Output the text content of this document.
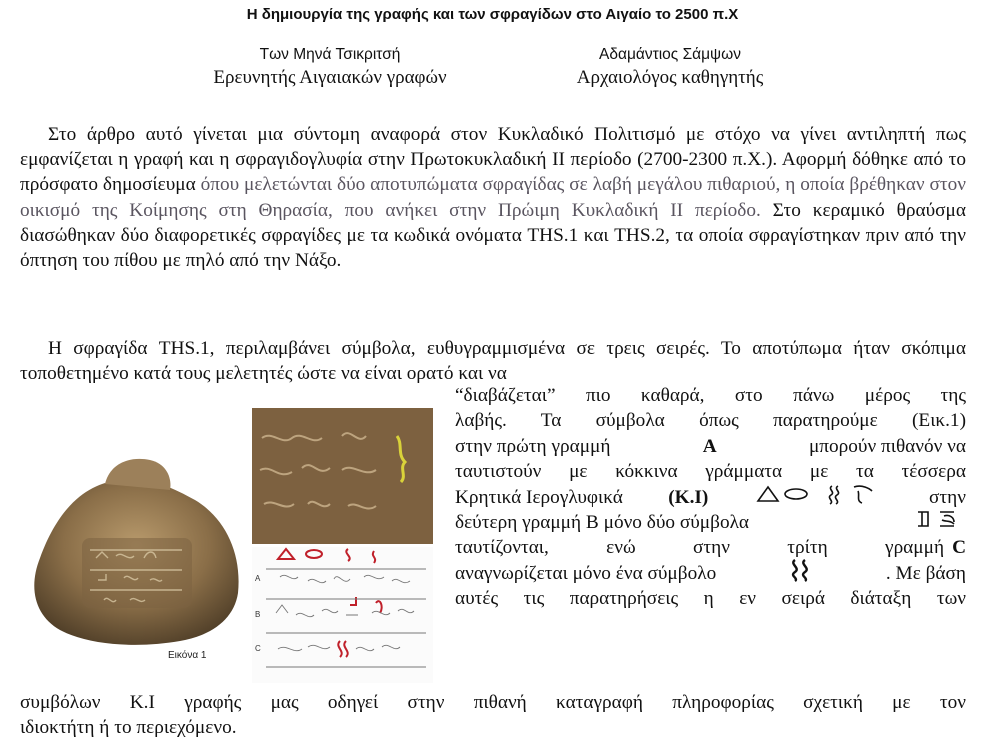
Η δημιουργία της γραφής και των σφραγίδων στο Αιγαίο το 2500 π.Χ
Των Μηνά Τσικριτσή
Ερευνητής Αιγαιακών γραφών
Αδαμάντιος Σάμψων
Αρχαιολόγος καθηγητής

Στο άρθρο αυτό γίνεται μια σύντομη αναφορά στον Κυκλαδικό Πολιτισμό με στόχο να γίνει αντιληπτή πως εμφανίζεται η γραφή και η σφραγιδογλυφία στην Πρωτοκυκλαδική ΙΙ περίοδο (2700-2300 π.Χ.). Αφορμή δόθηκε από το πρόσφατο δημοσίευμα όπου μελετώνται δύο αποτυπώματα σφραγίδας σε λαβή μεγάλου πιθαριού, η οποία βρέθηκαν στον οικισμό της Κοίμησης στη Θηρασία, που ανήκει στην Πρώιμη Κυκλαδική ΙΙ περίοδο. Στο κεραμικό θραύσμα διασώθηκαν δύο διαφορετικές σφραγίδες με τα κωδικά ονόματα THS.1 και THS.2, τα οποία σφραγίστηκαν πριν από την όπτηση του πίθου με πηλό από την Νάξο.

Η σφραγίδα THS.1, περιλαμβάνει σύμβολα, ευθυγραμμισμένα σε τρεις σειρές. Το αποτύπωμα ήταν σκόπιμα τοποθετημένο κατά τους μελετητές ώστε να είναι ορατό και να

Εικόνα 1
A
B
C
“διαβάζεται” πιο καθαρά, στο πάνω μέρος της
λαβής. Τα σύμβολα όπως παρατηρούμε (Εικ.1)
στην πρώτη γραμμή	Α	μπορούν πιθανόν να
ταυτιστούν με κόκκινα γράμματα με τα τέσσερα
Κρητικά Ιερογλυφικά (Κ.Ι)	στην
δεύτερη γραμμή Β μόνο δύο σύμβολα
ταυτίζονται, ενώ στην τρίτη γραμμή C
αναγνωρίζεται μόνο ένα σύμβολο	. Με βάση
αυτές τις παρατηρήσεις η εν σειρά διάταξη των
συμβόλων Κ.Ι γραφής μας οδηγεί στην πιθανή καταγραφή πληροφορίας σχετική με τον
ιδιοκτήτη ή το περιεχόμενο.
